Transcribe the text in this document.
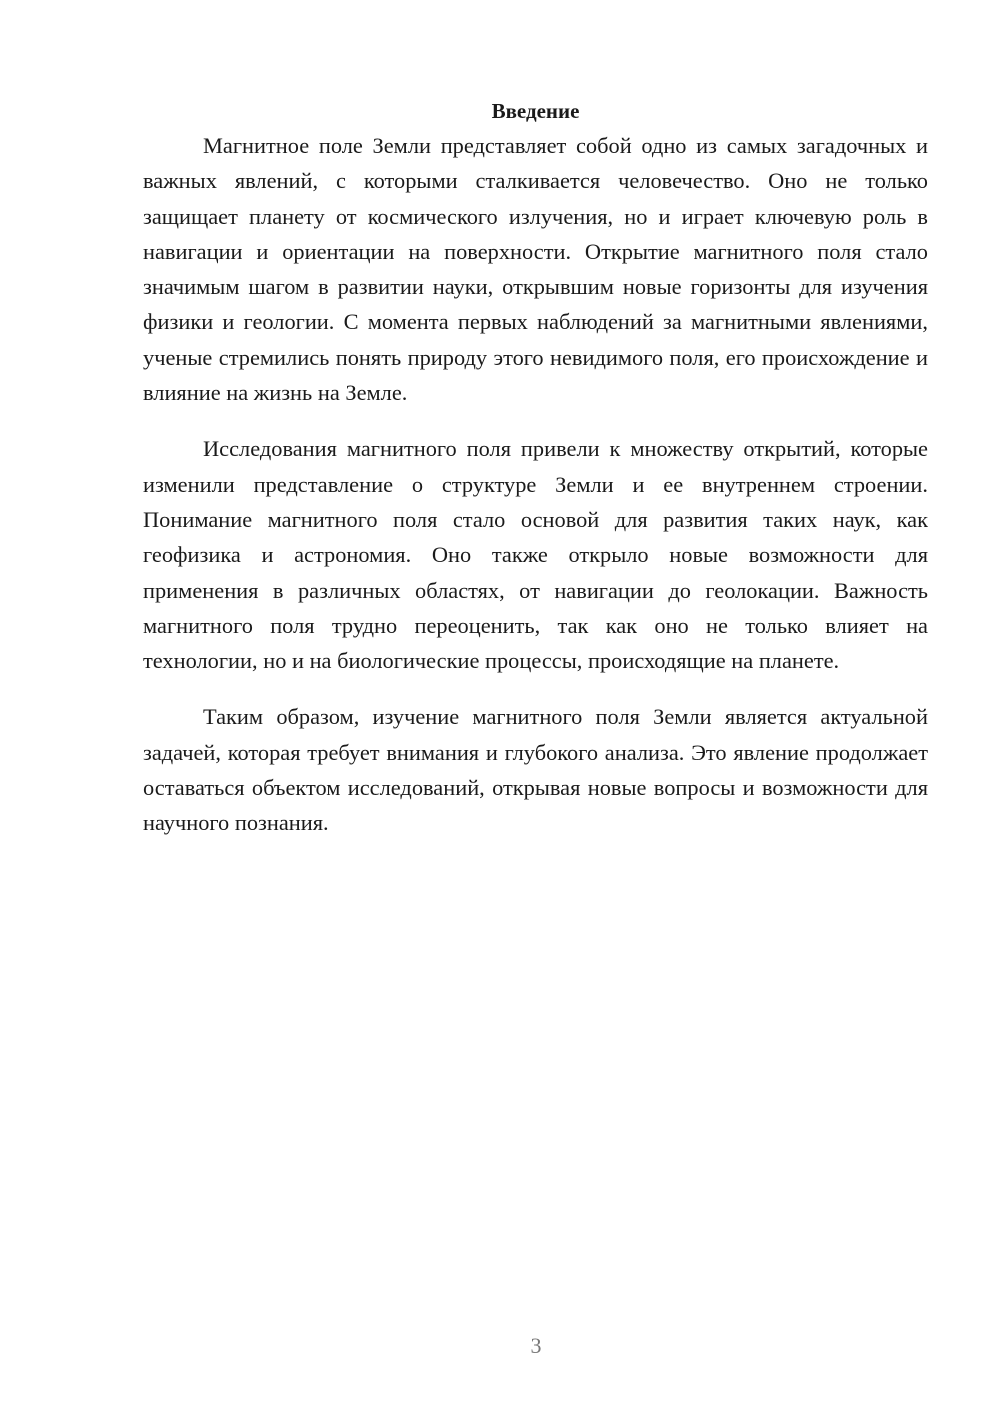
Введение

Магнитное поле Земли представляет собой одно из самых загадочных и важных явлений, с которыми сталкивается человечество. Оно не только защищает планету от космического излучения, но и играет ключевую роль в навигации и ориентации на поверхности. Открытие магнитного поля стало значимым шагом в развитии науки, открывшим новые горизонты для изучения физики и геологии. С момента первых наблюдений за магнитными явлениями, ученые стремились понять природу этого невидимого поля, его происхождение и влияние на жизнь на Земле.

Исследования магнитного поля привели к множеству открытий, которые изменили представление о структуре Земли и ее внутреннем строении. Понимание магнитного поля стало основой для развития таких наук, как геофизика и астрономия. Оно также открыло новые возможности для применения в различных областях, от навигации до геолокации. Важность магнитного поля трудно переоценить, так как оно не только влияет на технологии, но и на биологические процессы, происходящие на планете.

Таким образом, изучение магнитного поля Земли является актуальной задачей, которая требует внимания и глубокого анализа. Это явление продолжает оставаться объектом исследований, открывая новые вопросы и возможности для научного познания.

3
